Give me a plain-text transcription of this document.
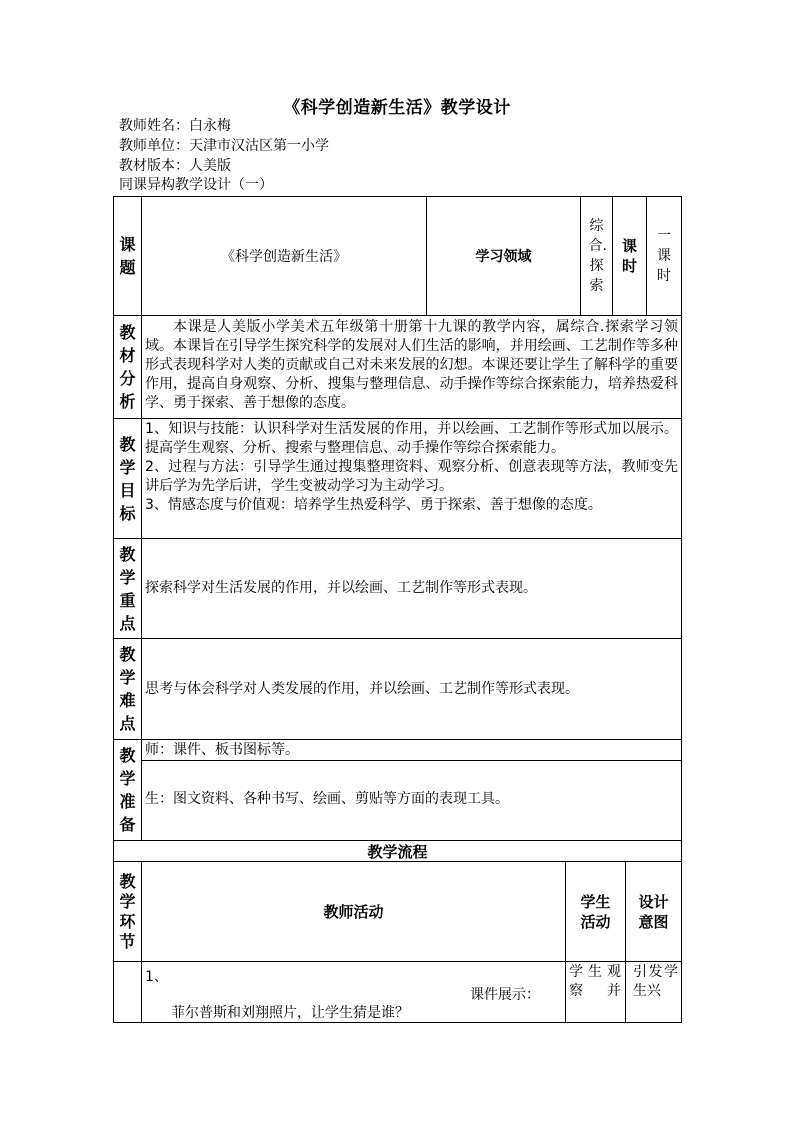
《科学创造新生活》教学设计
教师姓名：白永梅
教师单位：天津市汉沽区第一小学
教材版本：人美版
同课异构教学设计（一）
课题
《科学创造新生活》	学习领域
综合.探索
课时
一课时
教材分析
本课是人美版小学美术五年级第十册第十九课的教学内容，属综合.探索学习领域。本课旨在引导学生探究科学的发展对人们生活的影响，并用绘画、工艺制作等多种形式表现科学对人类的贡献或自己对未来发展的幻想。本课还要让学生了解科学的重要作用，提高自身观察、分析、搜集与整理信息、动手操作等综合探索能力，培养热爱科学、勇于探索、善于想像的态度。
教学目标
1、知识与技能：认识科学对生活发展的作用，并以绘画、工艺制作等形式加以展示。提高学生观察、分析、搜索与整理信息、动手操作等综合探索能力。
2、过程与方法：引导学生通过搜集整理资料、观察分析、创意表现等方法，教师变先讲后学为先学后讲，学生变被动学习为主动学习。
3、情感态度与价值观：培养学生热爱科学、勇于探索、善于想像的态度。
教学重点
探索科学对生活发展的作用，并以绘画、工艺制作等形式表现。
教学难点
思考与体会科学对人类发展的作用，并以绘画、工艺制作等形式表现。
教学准备
师：课件、板书图标等。
生：图文资料、各种书写、绘画、剪贴等方面的表现工具。
教学流程
教学环节
教师活动
学生活动
设计意图
1、
课件展示：
菲尔普斯和刘翔照片，让学生猜是谁？
学生观察并
引发学生兴
